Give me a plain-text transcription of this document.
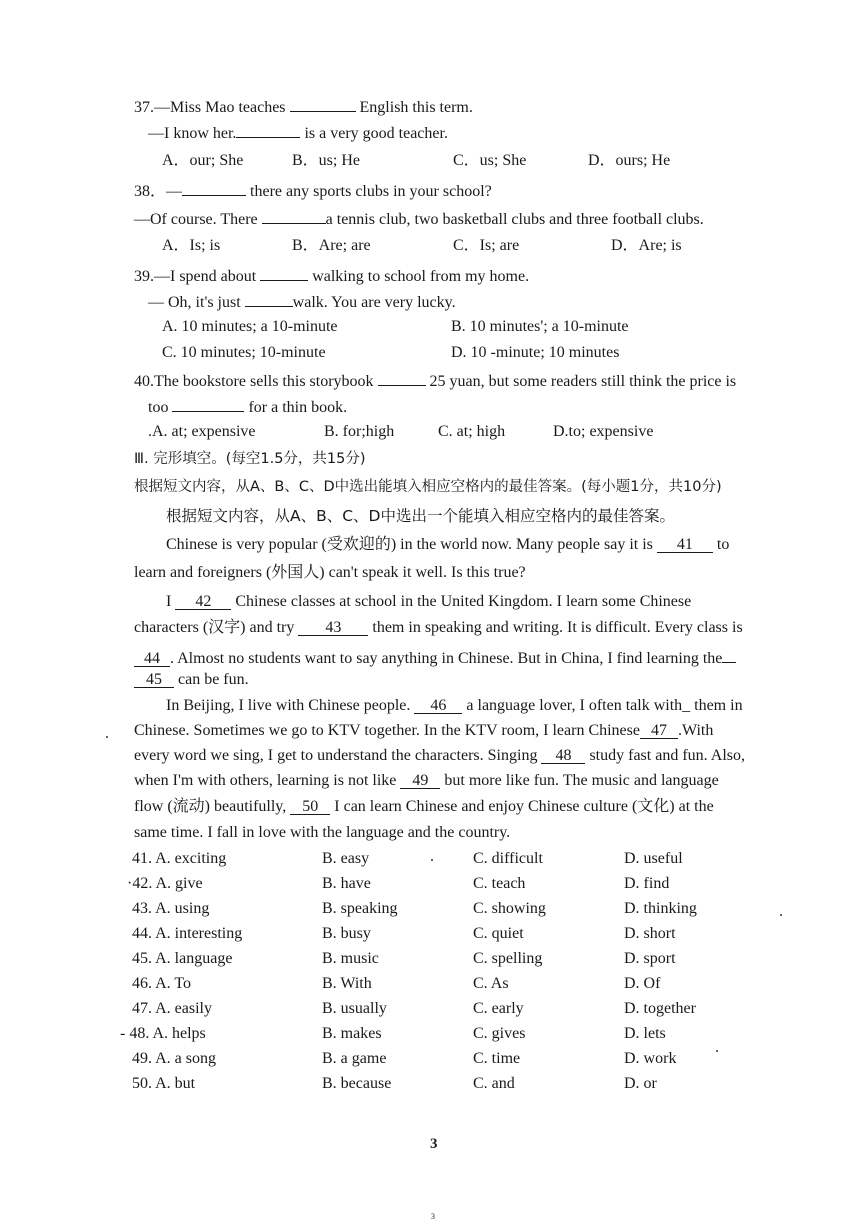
37.—Miss Mao teaches	English this term.
—I know her.	is a very good teacher.
A．our; She	B．us; He	C．us; She	D．ours; He
38．—	there any sports clubs in your school?
—Of course. There	a tennis club, two basketball clubs and three football clubs.
A．Is; is	B．Are; are	C．Is; are	D．Are; is
39.—I spend about	walking to school from my home.
— Oh, it's just	walk. You are very lucky.
A. 10 minutes; a 10-minute	B. 10 minutes'; a 10-minute
C. 10 minutes; 10-minute	D. 10 -minute; 10 minutes
40.The bookstore sells this storybook	25 yuan, but some readers still think the price is
too	for a thin book.
.A. at; expensive	B. for;high	C. at; high	D.to; expensive
Ⅲ. 完形填空。(每空1.5分，共15分)
根据短文内容，从A、B、C、D中选出能填入相应空格内的最佳答案。(每小题1分，共10分)
根据短文内容，从A、B、C、D中选出一个能填入相应空格内的最佳答案。
Chinese is very popular (受欢迎的) in the world now. Many people say it is 41 to
learn and foreigners (外国人) can't speak it well. Is this true?
I 42 Chinese classes at school in the United Kingdom. I learn some Chinese
characters (汉字) and try 43 them in speaking and writing. It is difficult. Every class is
44 . Almost no students want to say anything in Chinese. But in China, I find learning the
45 can be fun.
In Beijing, I live with Chinese people. 46 a language lover, I often talk with_ them in
Chinese. Sometimes we go to KTV together. In the KTV room, I learn Chinese 47 .With
every word we sing, I get to understand the characters. Singing 48 study fast and fun. Also,
when I'm with others, learning is not like 49 but more like fun. The music and language
flow (流动) beautifully, 50 I can learn Chinese and enjoy Chinese culture (文化) at the
same time. I fall in love with the language and the country.
41. A. exciting	B. easy	C. difficult	D. useful
·42. A. give	B. have	C. teach	D. find
43. A. using	B. speaking	C. showing	D. thinking
44. A. interesting	B. busy	C. quiet	D. short
45. A. language	B. music	C. spelling	D. sport
46. A. To	B. With	C. As	D. Of
47. A. easily	B. usually	C. early	D. together
- 48. A. helps	B. makes	C. gives	D. lets
49. A. a song	B. a game	C. time	D. work
50. A. but	B. because	C. and	D. or
3
3
